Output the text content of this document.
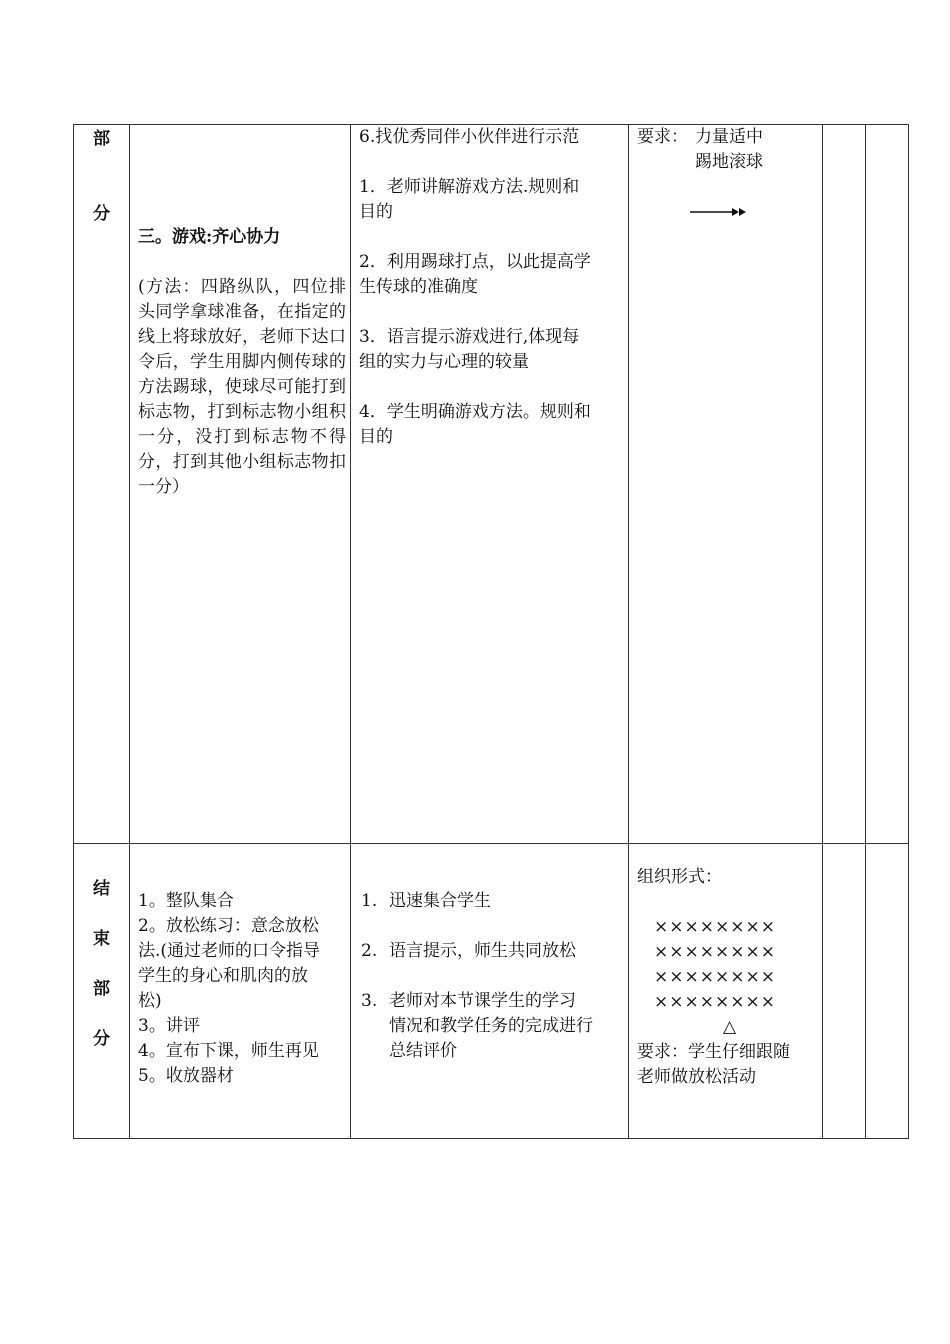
部
分
三。游戏:齐心协力
(方法：四路纵队，四位排头同学拿球准备，在指定的线上将球放好，老师下达口令后，学生用脚内侧传球的方法踢球，使球尽可能打到标志物，打到标志物小组积一分，没打到标志物不得分，打到其他小组标志物扣一分）
6.找优秀同伴小伙伴进行示范
1．老师讲解游戏方法.规则和
目的
2．利用踢球打点，以此提高学
生传球的准确度
3．语言提示游戏进行,体现每
组的实力与心理的较量
4．学生明确游戏方法。规则和
目的
要求： 力量适中
踢地滚球
结
束
部
分
1。整队集合
2。放松练习：意念放松
法.(通过老师的口令指导
学生的身心和肌肉的放
松)
3。讲评
4。宣布下课，师生再见
5。收放器材
1. 迅速集合学生
2. 语言提示，师生共同放松
3. 老师对本节课学生的学习
情况和教学任务的完成进行
总结评价
组织形式：
××××××××
××××××××
××××××××
××××××××
△
要求：学生仔细跟随
老师做放松活动
